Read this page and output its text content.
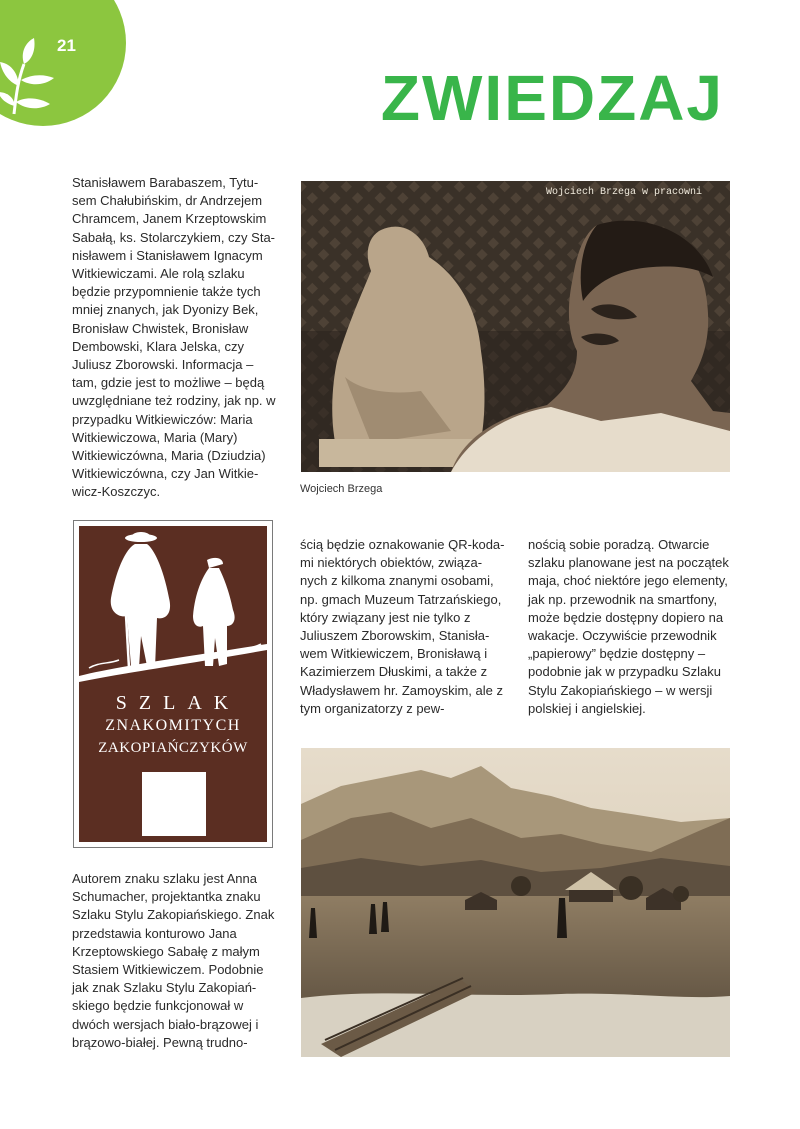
21
ZWIEDZAJ

Stanisławem Barabaszem, Tytu-sem Chałubińskim, dr Andrzejem Chramcem, Janem Krzeptowskim Sabałą, ks. Stolarczykiem, czy Sta-nisławem i Stanisławem Ignacym Witkiewiczami. Ale rolą szlaku będzie przypomnienie także tych mniej znanych, jak Dyonizy Bek, Bronisław Chwistek, Bronisław Dembowski, Klara Jelska, czy Juliusz Zborowski. Informacja – tam, gdzie jest to możliwe – będą uwzględniane też rodziny, jak np. w przypadku Witkiewiczów: Maria Witkiewiczowa, Maria (Mary) Witkiewiczówna, Maria (Dziudzia) Witkiewiczówna, czy Jan Witkie-wicz-Koszczyc.

Wojciech Brzega w pracowni
Wojciech Brzega

SZLAK

ZNAKOMITYCH

ZAKOPIAŃCZYKÓW

ścią będzie oznakowanie QR-koda-mi niektórych obiektów, związa-nych z kilkoma znanymi osobami, np. gmach Muzeum Tatrzańskiego, który związany jest nie tylko z Juliuszem Zborowskim, Stanisła-wem Witkiewiczem, Bronisławą i Kazimierzem Dłuskimi, a także z Władysławem hr. Zamoyskim, ale z tym organizatorzy z pew-

nością sobie poradzą. Otwarcie szlaku planowane jest na początek maja, choć niektóre jego elementy, jak np. przewodnik na smartfony, może będzie dostępny dopiero na wakacje. Oczywiście przewodnik „papierowy” będzie dostępny – podobnie jak w przypadku Szlaku Stylu Zakopiańskiego – w wersji polskiej i angielskiej.

Autorem znaku szlaku jest Anna Schumacher, projektantka znaku Szlaku Stylu Zakopiańskiego. Znak przedstawia konturowo Jana Krzeptowskiego Sabałę z małym Stasiem Witkiewiczem. Podobnie jak znak Szlaku Stylu Zakopiań-skiego będzie funkcjonował w dwóch wersjach biało-brązowej i brązowo-białej. Pewną trudno-
